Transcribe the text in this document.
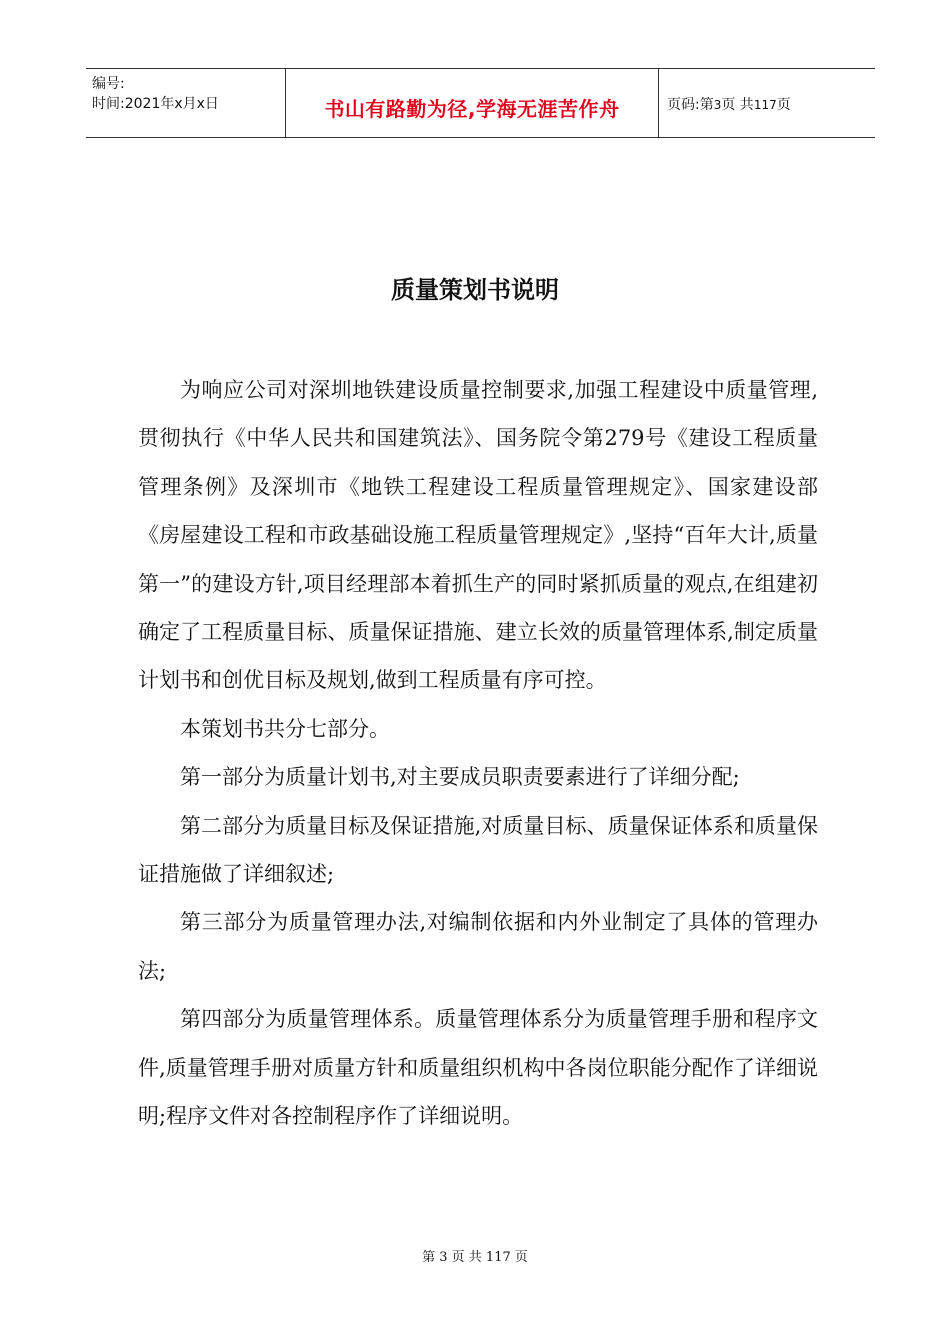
编号:
时间:2021年x月x日	书山有路勤为径,学海无涯苦作舟	页码:第3页 共117页
质量策划书说明

为响应公司对深圳地铁建设质量控制要求,加强工程建设中质量管理,贯彻执行《中华人民共和国建筑法》、国务院令第279号《建设工程质量管理条例》及深圳市《地铁工程建设工程质量管理规定》、国家建设部《房屋建设工程和市政基础设施工程质量管理规定》,坚持“百年大计,质量第一”的建设方针,项目经理部本着抓生产的同时紧抓质量的观点,在组建初确定了工程质量目标、质量保证措施、建立长效的质量管理体系,制定质量计划书和创优目标及规划,做到工程质量有序可控。

本策划书共分七部分。

第一部分为质量计划书,对主要成员职责要素进行了详细分配;

第二部分为质量目标及保证措施,对质量目标、质量保证体系和质量保证措施做了详细叙述;

第三部分为质量管理办法,对编制依据和内外业制定了具体的管理办法;

第四部分为质量管理体系。质量管理体系分为质量管理手册和程序文件,质量管理手册对质量方针和质量组织机构中各岗位职能分配作了详细说明;程序文件对各控制程序作了详细说明。

第 3 页 共 117 页
